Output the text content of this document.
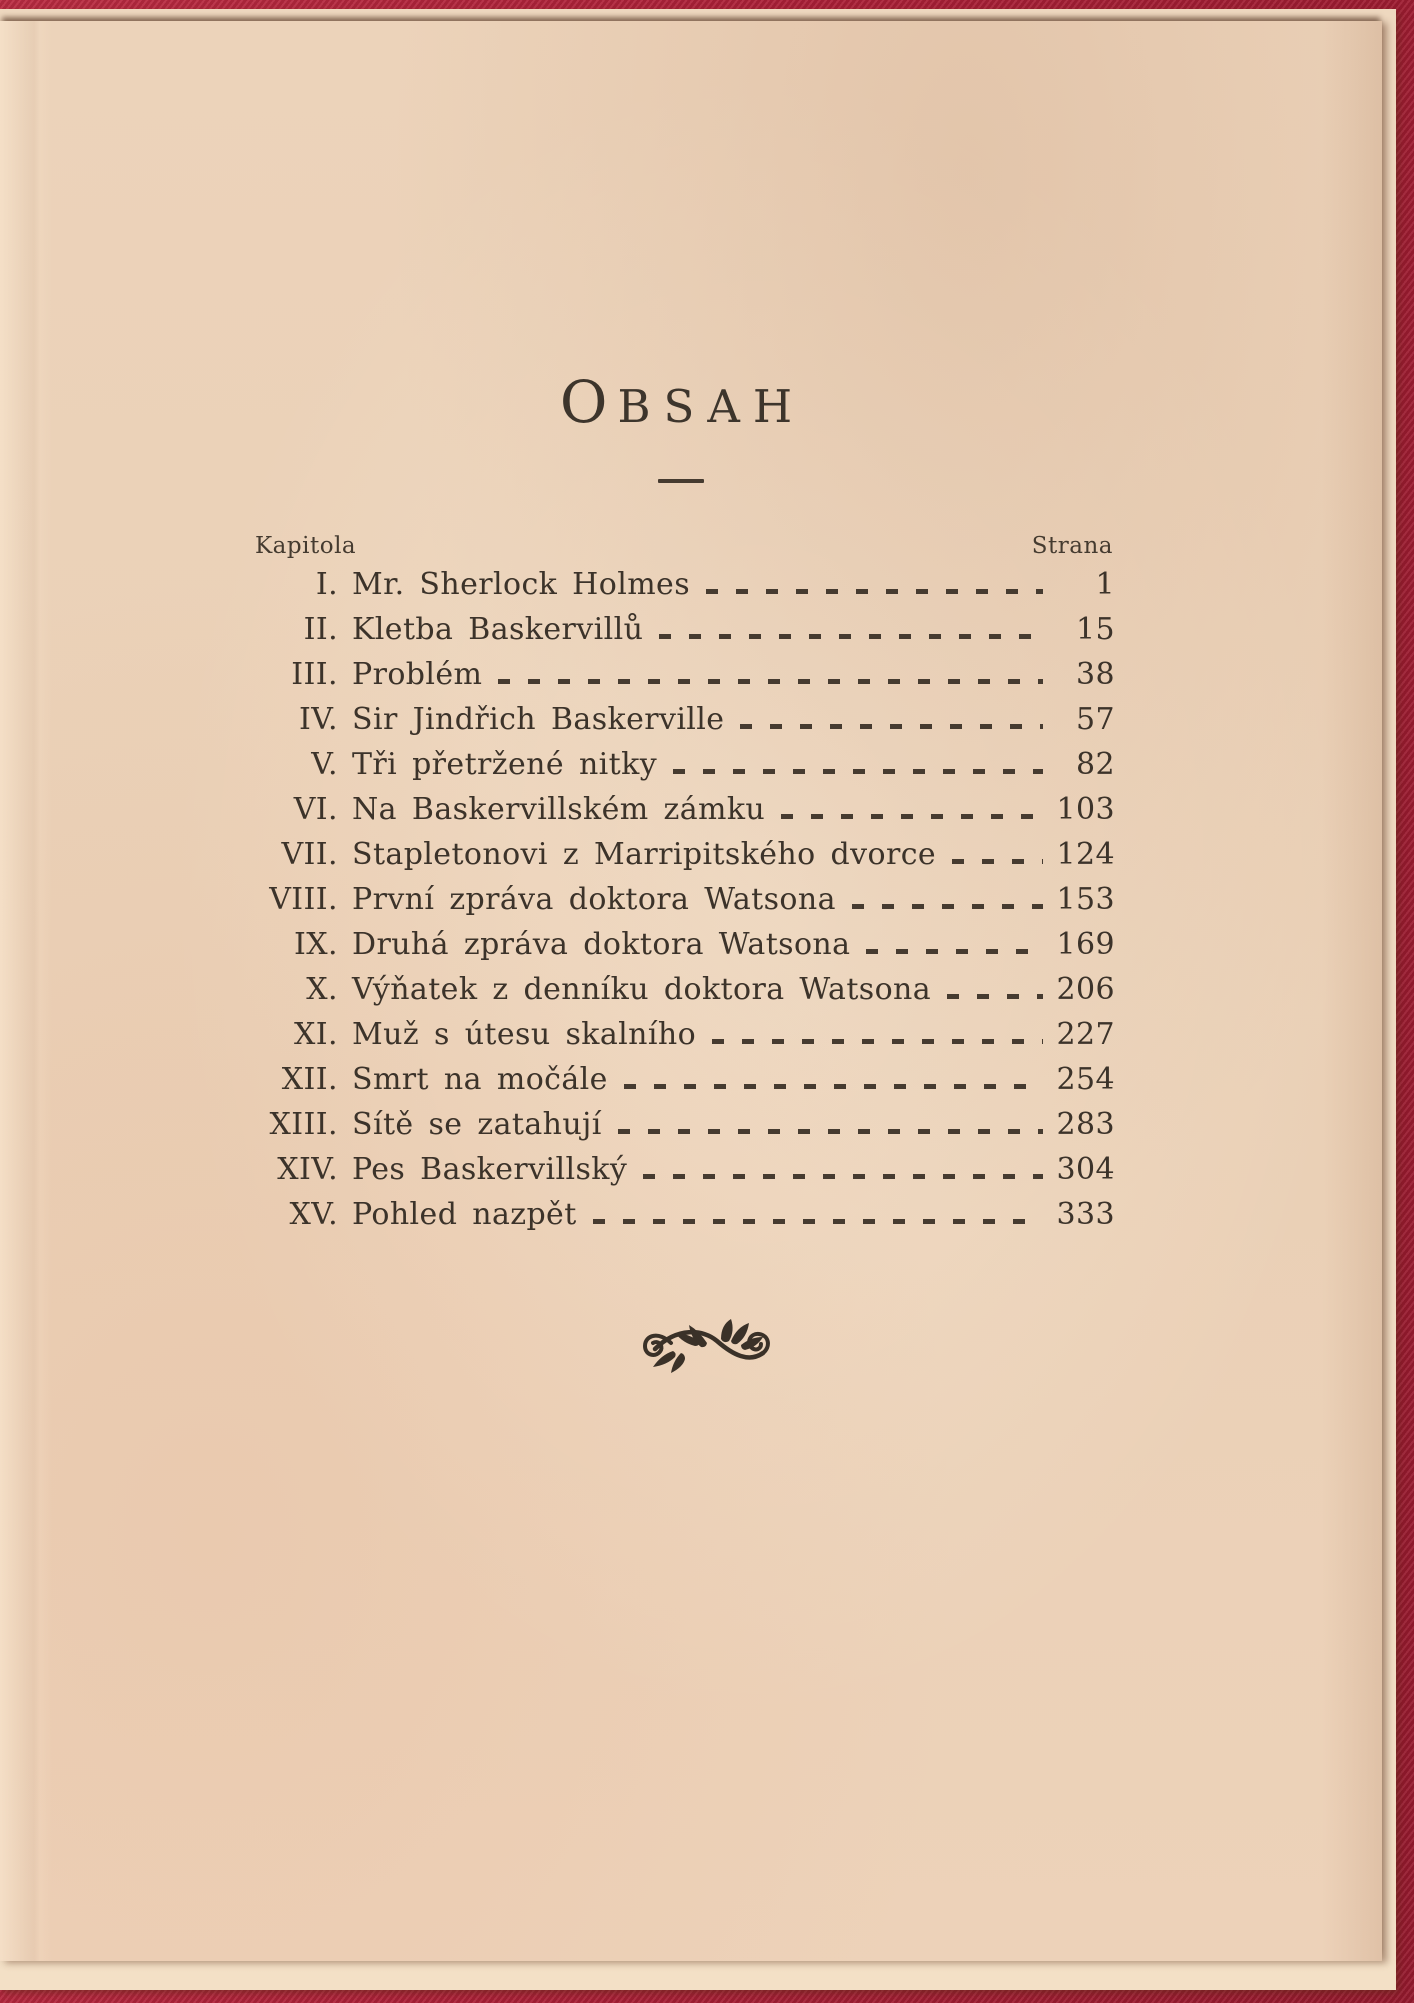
OBSAH
Kapitola	Strana
I. Mr. Sherlock Holmes	1
II. Kletba Baskervillů	15
III. Problém	38
IV. Sir Jindřich Baskerville	57
V. Tři přetržené nitky	82
VI. Na Baskervillském zámku	103
VII. Stapletonovi z Marripitského dvorce	124
VIII. První zpráva doktora Watsona	153
IX. Druhá zpráva doktora Watsona	169
X. Výňatek z denníku doktora Watsona	206
XI. Muž s útesu skalního	227
XII. Smrt na močále	254
XIII. Sítě se zatahují	283
XIV. Pes Baskervillský	304
XV. Pohled nazpět	333
